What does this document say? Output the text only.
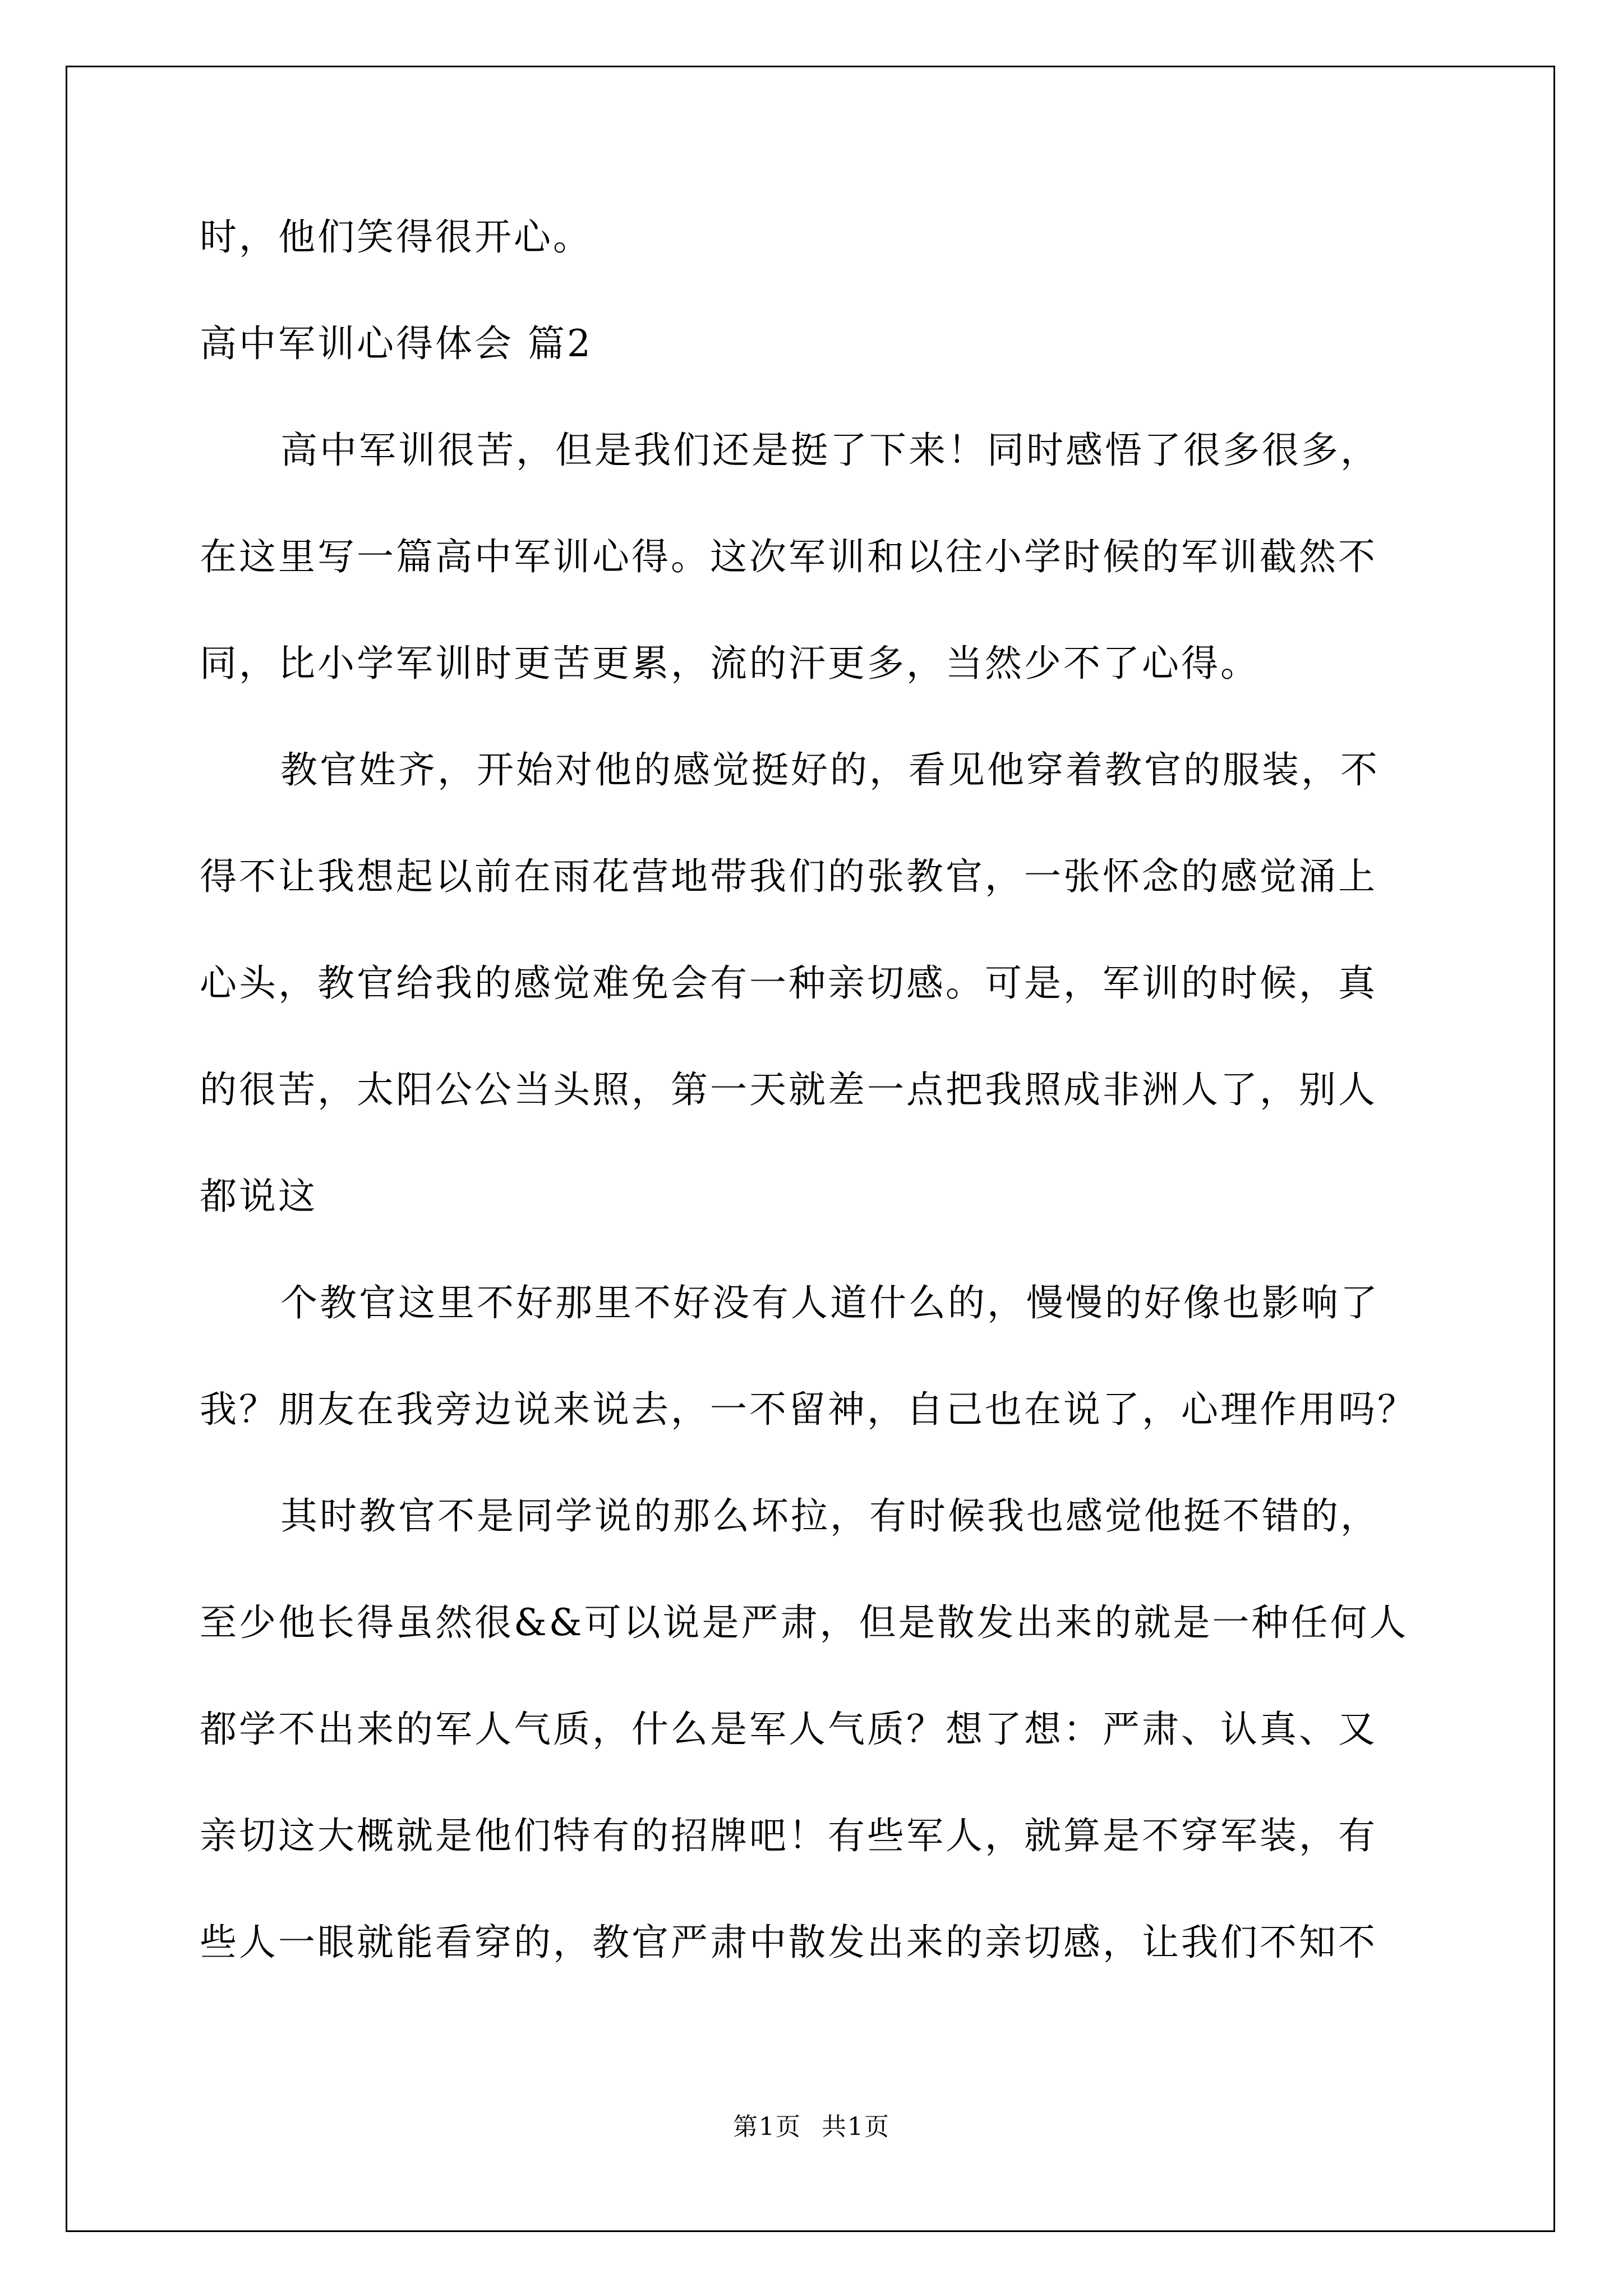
时，他们笑得很开心。
高中军训心得体会 篇2
高中军训很苦，但是我们还是挺了下来！同时感悟了很多很多，
在这里写一篇高中军训心得。这次军训和以往小学时候的军训截然不
同，比小学军训时更苦更累，流的汗更多，当然少不了心得。
教官姓齐，开始对他的感觉挺好的，看见他穿着教官的服装，不
得不让我想起以前在雨花营地带我们的张教官，一张怀念的感觉涌上
心头，教官给我的感觉难免会有一种亲切感。可是，军训的时候，真
的很苦，太阳公公当头照，第一天就差一点把我照成非洲人了，别人
都说这
个教官这里不好那里不好没有人道什么的，慢慢的好像也影响了
我？朋友在我旁边说来说去，一不留神，自己也在说了，心理作用吗？
其时教官不是同学说的那么坏拉，有时候我也感觉他挺不错的，
至少他长得虽然很&&可以说是严肃，但是散发出来的就是一种任何人
都学不出来的军人气质，什么是军人气质？想了想：严肃、认真、又
亲切这大概就是他们特有的招牌吧！有些军人，就算是不穿军装，有
些人一眼就能看穿的，教官严肃中散发出来的亲切感，让我们不知不
第1页 共1页
